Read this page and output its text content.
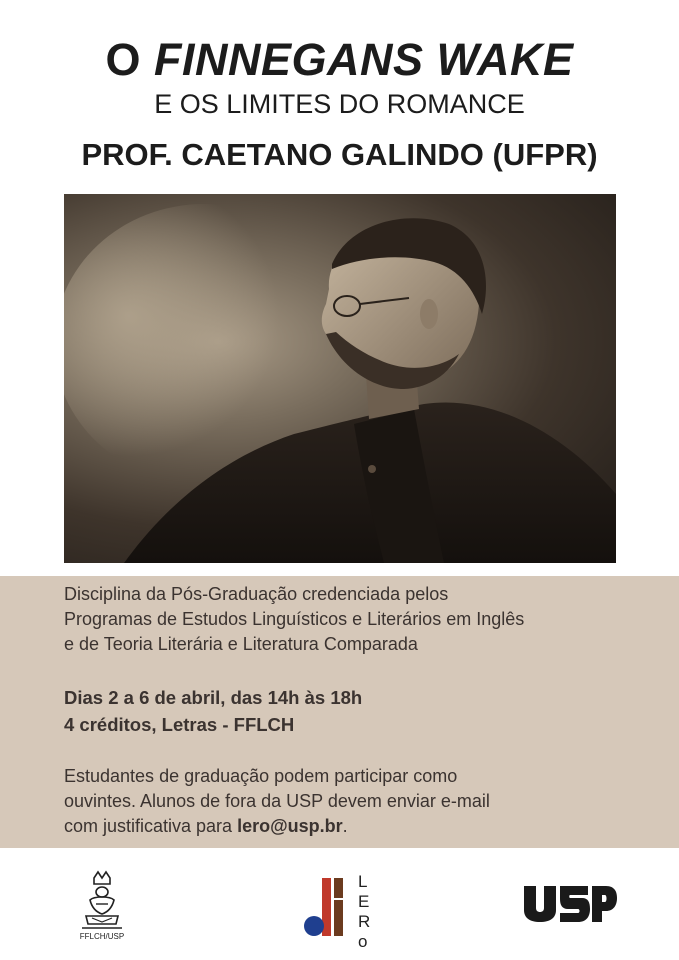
O FINNEGANS WAKE
E OS LIMITES DO ROMANCE
PROF. CAETANO GALINDO (UFPR)

Disciplina da Pós-Graduação credenciada pelos
Programas de Estudos Linguísticos e Literários em Inglês
e de Teoria Literária e Literatura Comparada

Dias 2 a 6 de abril, das 14h às 18h
4 créditos, Letras - FFLCH

Estudantes de graduação podem participar como
ouvintes. Alunos de fora da USP devem enviar e-mail
com justificativa para lero@usp.br.

FFLCH/USP
L
E
R
o
